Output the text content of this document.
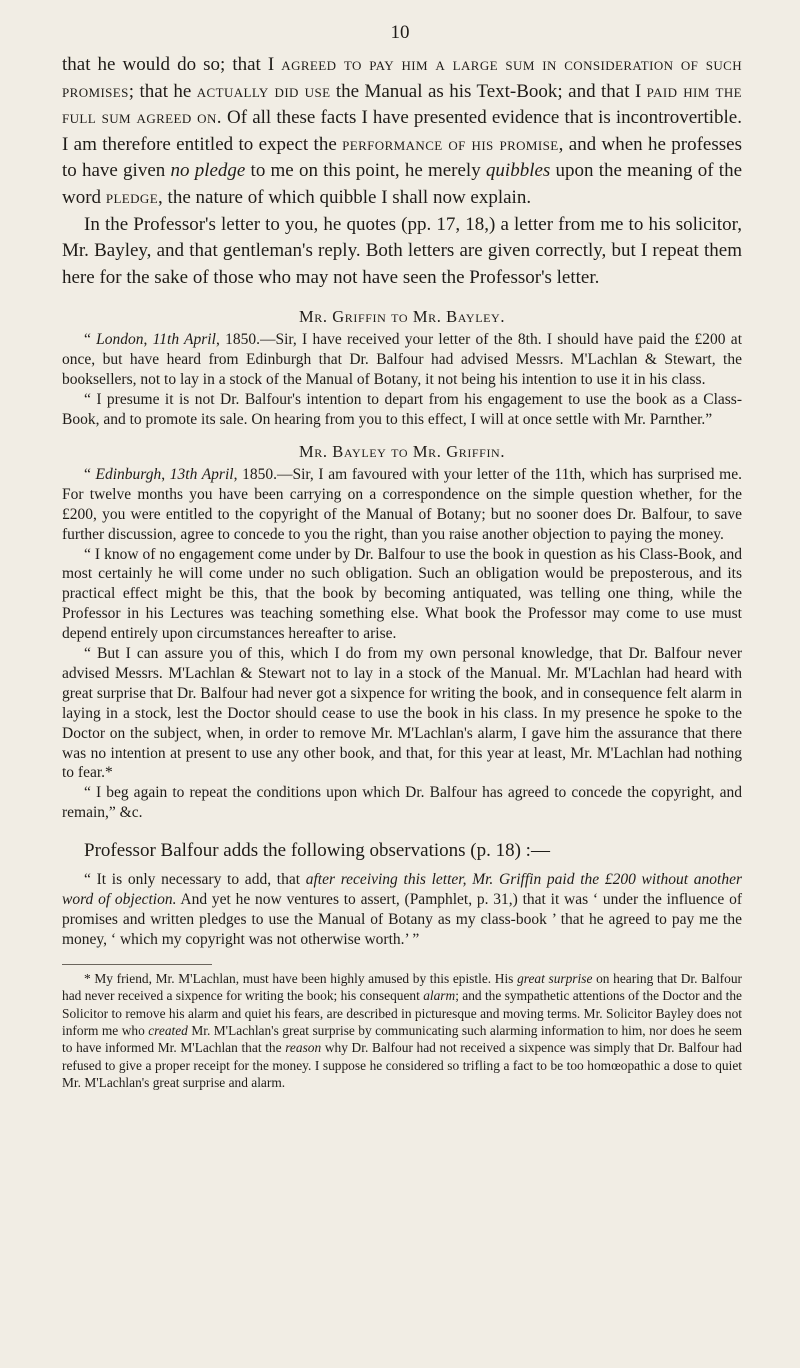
10

that he would do so; that I agreed to pay him a large sum in consideration of such promises; that he actually did use the Manual as his Text-Book; and that I paid him the full sum agreed on. Of all these facts I have presented evidence that is incontrovertible. I am therefore entitled to expect the performance of his promise, and when he professes to have given no pledge to me on this point, he merely quibbles upon the meaning of the word pledge, the nature of which quibble I shall now explain.

In the Professor's letter to you, he quotes (pp. 17, 18,) a letter from me to his solicitor, Mr. Bayley, and that gentleman's reply. Both letters are given correctly, but I repeat them here for the sake of those who may not have seen the Professor's letter.

Mr. Griffin to Mr. Bayley.

“ London, 11th April, 1850.—Sir, I have received your letter of the 8th. I should have paid the £200 at once, but have heard from Edinburgh that Dr. Balfour had advised Messrs. M'Lachlan & Stewart, the booksellers, not to lay in a stock of the Manual of Botany, it not being his intention to use it in his class.

“ I presume it is not Dr. Balfour's intention to depart from his engagement to use the book as a Class-Book, and to promote its sale. On hearing from you to this effect, I will at once settle with Mr. Parnther.”

Mr. Bayley to Mr. Griffin.

“ Edinburgh, 13th April, 1850.—Sir, I am favoured with your letter of the 11th, which has surprised me. For twelve months you have been carrying on a correspondence on the simple question whether, for the £200, you were entitled to the copyright of the Manual of Botany; but no sooner does Dr. Balfour, to save further discussion, agree to concede to you the right, than you raise another objection to paying the money.

“ I know of no engagement come under by Dr. Balfour to use the book in question as his Class-Book, and most certainly he will come under no such obligation. Such an obligation would be preposterous, and its practical effect might be this, that the book by becoming antiquated, was telling one thing, while the Professor in his Lectures was teaching something else. What book the Professor may come to use must depend entirely upon circumstances hereafter to arise.

“ But I can assure you of this, which I do from my own personal knowledge, that Dr. Balfour never advised Messrs. M'Lachlan & Stewart not to lay in a stock of the Manual. Mr. M'Lachlan had heard with great surprise that Dr. Balfour had never got a sixpence for writing the book, and in consequence felt alarm in laying in a stock, lest the Doctor should cease to use the book in his class. In my presence he spoke to the Doctor on the subject, when, in order to remove Mr. M'Lachlan's alarm, I gave him the assurance that there was no intention at present to use any other book, and that, for this year at least, Mr. M'Lachlan had nothing to fear.*

“ I beg again to repeat the conditions upon which Dr. Balfour has agreed to concede the copyright, and remain,” &c.

Professor Balfour adds the following observations (p. 18) :—

“ It is only necessary to add, that after receiving this letter, Mr. Griffin paid the £200 without another word of objection. And yet he now ventures to assert, (Pamphlet, p. 31,) that it was ‘ under the influence of promises and written pledges to use the Manual of Botany as my class-book ’ that he agreed to pay me the money, ‘ which my copyright was not otherwise worth.’ ”

* My friend, Mr. M'Lachlan, must have been highly amused by this epistle. His great surprise on hearing that Dr. Balfour had never received a sixpence for writing the book; his consequent alarm; and the sympathetic attentions of the Doctor and the Solicitor to remove his alarm and quiet his fears, are described in picturesque and moving terms. Mr. Solicitor Bayley does not inform me who created Mr. M'Lachlan's great surprise by communicating such alarming information to him, nor does he seem to have informed Mr. M'Lachlan that the reason why Dr. Balfour had not received a sixpence was simply that Dr. Balfour had refused to give a proper receipt for the money. I suppose he considered so trifling a fact to be too homœopathic a dose to quiet Mr. M'Lachlan's great surprise and alarm.
